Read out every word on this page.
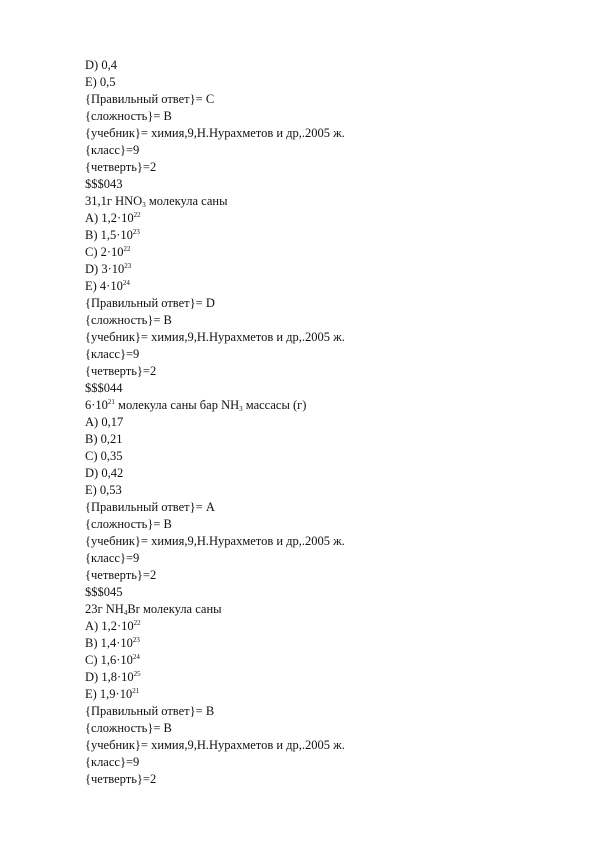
D) 0,4
E) 0,5
{Правильный ответ}= C
{сложность}= B
{учебник}= химия,9,Н.Нурахметов и др,.2005 ж.
{класс}=9
{четверть}=2
$$$043
31,1г $HNO_3$ молекула саны
A) $1,2\cdot 10^{22}$
B) $1,5\cdot 10^{23}$
C) $2\cdot 10^{22}$
D) $3\cdot 10^{23}$
E) $4\cdot 10^{24}$
{Правильный ответ}= D
{сложность}= B
{учебник}= химия,9,Н.Нурахметов и др,.2005 ж.
{класс}=9
{четверть}=2
$$$044
$6\cdot 10^{21}$ молекула саны бар $NH_3$ массасы (г)
A) 0,17
B) 0,21
C) 0,35
D) 0,42
E) 0,53
{Правильный ответ}= A
{сложность}= B
{учебник}= химия,9,Н.Нурахметов и др,.2005 ж.
{класс}=9
{четверть}=2
$$$045
23г $NH_4Br$ молекула саны
A) $1,2\cdot 10^{22}$
B) $1,4\cdot 10^{23}$
C) $1,6\cdot 10^{24}$
D) $1,8\cdot 10^{25}$
E) $1,9\cdot 10^{21}$
{Правильный ответ}= B
{сложность}= B
{учебник}= химия,9,Н.Нурахметов и др,.2005 ж.
{класс}=9
{четверть}=2
